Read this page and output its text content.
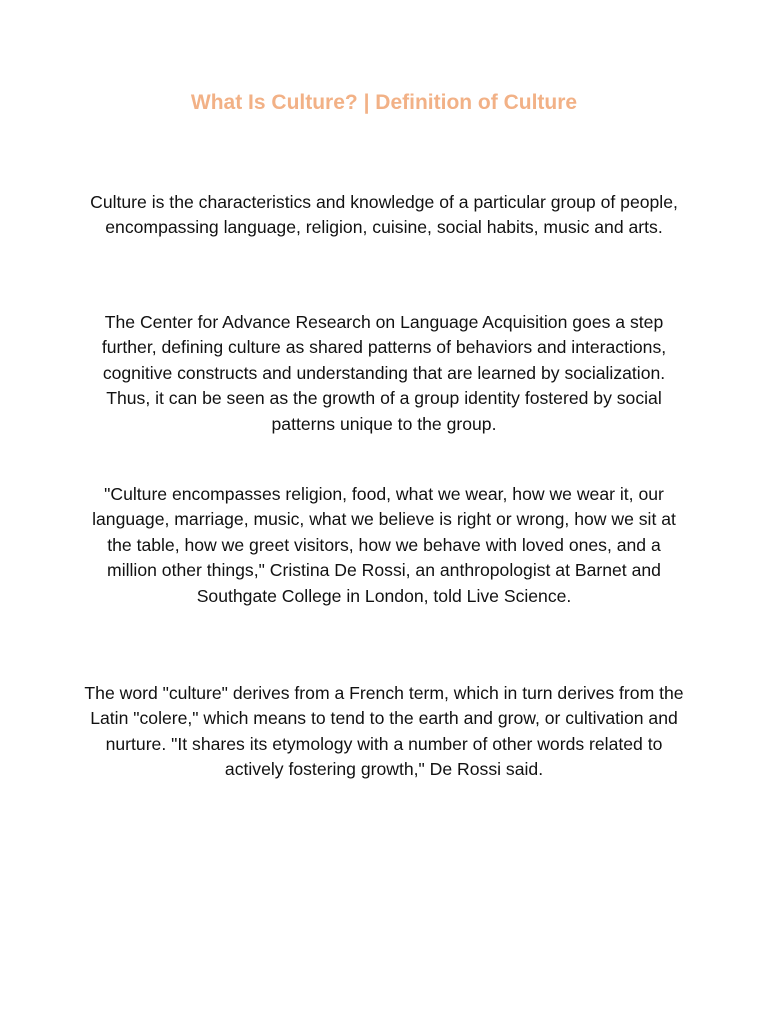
What Is Culture? | Definition of Culture

Culture is the characteristics and knowledge of a particular group of people, encompassing language, religion, cuisine, social habits, music and arts.

The Center for Advance Research on Language Acquisition goes a step further, defining culture as shared patterns of behaviors and interactions, cognitive constructs and understanding that are learned by socialization. Thus, it can be seen as the growth of a group identity fostered by social patterns unique to the group.

"Culture encompasses religion, food, what we wear, how we wear it, our language, marriage, music, what we believe is right or wrong, how we sit at the table, how we greet visitors, how we behave with loved ones, and a million other things," Cristina De Rossi, an anthropologist at Barnet and Southgate College in London, told Live Science.

The word "culture" derives from a French term, which in turn derives from the Latin "colere," which means to tend to the earth and grow, or cultivation and nurture. "It shares its etymology with a number of other words related to actively fostering growth," De Rossi said.
